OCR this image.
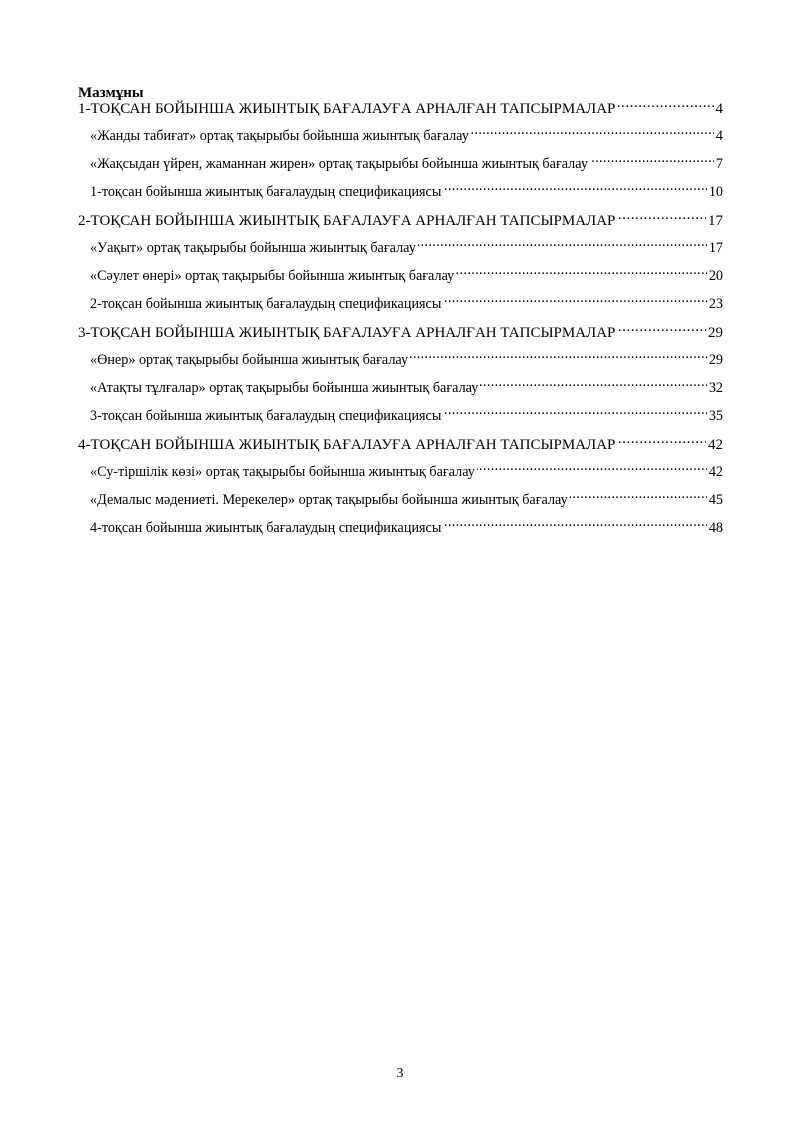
Мазмұны
1-ТОҚСАН БОЙЫНША ЖИЫНТЫҚ БАҒАЛАУҒА АРНАЛҒАН ТАПСЫРМАЛАР . . .	4
«Жанды табиғат» ортақ тақырыбы бойынша жиынтық бағалау . . .	4
«Жақсыдан үйрен, жаманнан жирен» ортақ тақырыбы бойынша жиынтық бағалау . . .	7
1-тоқсан бойынша жиынтық бағалаудың спецификациясы . . .	10
2-ТОҚСАН БОЙЫНША ЖИЫНТЫҚ БАҒАЛАУҒА АРНАЛҒАН ТАПСЫРМАЛАР . . .	17
«Уақыт» ортақ тақырыбы бойынша жиынтық бағалау . . .	17
«Сәулет өнері» ортақ тақырыбы бойынша жиынтық бағалау . . .	20
2-тоқсан бойынша жиынтық бағалаудың спецификациясы . . .	23
3-ТОҚСАН БОЙЫНША ЖИЫНТЫҚ БАҒАЛАУҒА АРНАЛҒАН ТАПСЫРМАЛАР . . .	29
«Өнер» ортақ тақырыбы бойынша жиынтық бағалау . . .	29
«Атақты тұлғалар» ортақ тақырыбы бойынша жиынтық бағалау . . .	32
3-тоқсан бойынша жиынтық бағалаудың спецификациясы . . .	35
4-ТОҚСАН БОЙЫНША ЖИЫНТЫҚ БАҒАЛАУҒА АРНАЛҒАН ТАПСЫРМАЛАР . . .	42
«Су-тіршілік көзі» ортақ тақырыбы бойынша жиынтық бағалау . . .	42
«Демалыс мәдениеті. Мерекелер» ортақ тақырыбы бойынша жиынтық бағалау . . .	45
4-тоқсан бойынша жиынтық бағалаудың спецификациясы . . .	48
3
